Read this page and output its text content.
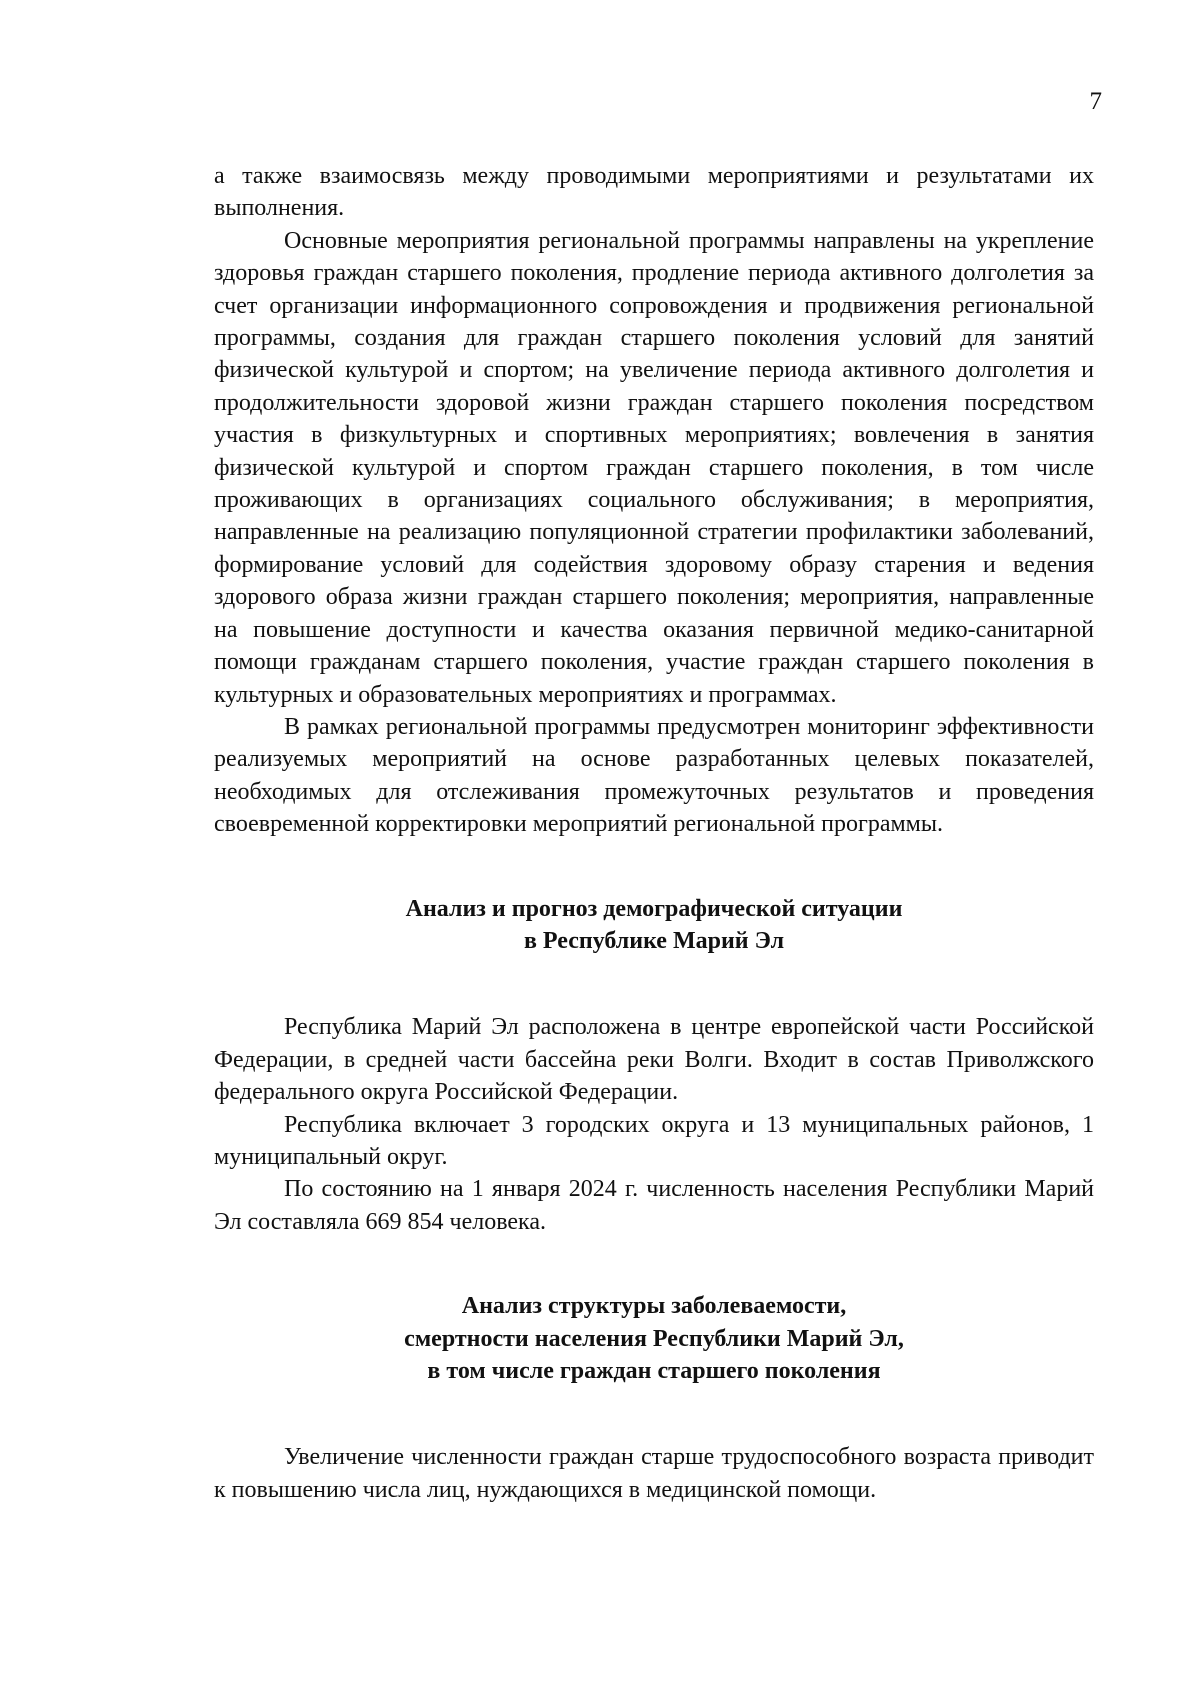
7

а также взаимосвязь между проводимыми мероприятиями и результатами их выполнения.

Основные мероприятия региональной программы направлены на укрепление здоровья граждан старшего поколения, продление периода активного долголетия за счет организации информационного сопровождения и продвижения региональной программы, создания для граждан старшего поколения условий для занятий физической культурой и спортом; на увеличение периода активного долголетия и продолжительности здоровой жизни граждан старшего поколения посредством участия в физкультурных и спортивных мероприятиях; вовлечения в занятия физической культурой и спортом граждан старшего поколения, в том числе проживающих в организациях социального обслуживания; в мероприятия, направленные на реализацию популяционной стратегии профилактики заболеваний, формирование условий для содействия здоровому образу старения и ведения здорового образа жизни граждан старшего поколения; мероприятия, направленные на повышение доступности и качества оказания первичной медико-санитарной помощи гражданам старшего поколения, участие граждан старшего поколения в культурных и образовательных мероприятиях и программах.

В рамках региональной программы предусмотрен мониторинг эффективности реализуемых мероприятий на основе разработанных целевых показателей, необходимых для отслеживания промежуточных результатов и проведения своевременной корректировки мероприятий региональной программы.

Анализ и прогноз демографической ситуации
в Республике Марий Эл

Республика Марий Эл расположена в центре европейской части Российской Федерации, в средней части бассейна реки Волги. Входит в состав Приволжского федерального округа Российской Федерации.

Республика включает 3 городских округа и 13 муниципальных районов, 1 муниципальный округ.

По состоянию на 1 января 2024 г. численность населения Республики Марий Эл составляла 669 854 человека.

Анализ структуры заболеваемости,
смертности населения Республики Марий Эл,
в том числе граждан старшего поколения

Увеличение численности граждан старше трудоспособного возраста приводит к повышению числа лиц, нуждающихся в медицинской помощи.
